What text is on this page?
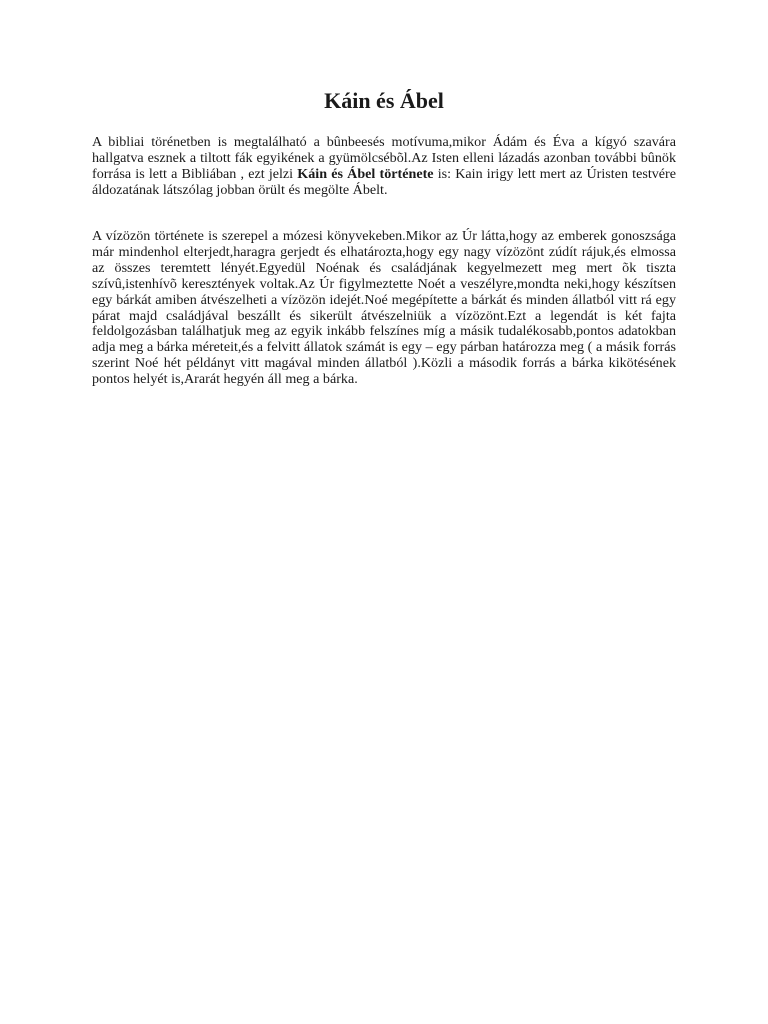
Káin és Ábel

A bibliai törénetben is megtalálható a bûnbeesés motívuma,mikor Ádám és Éva a kígyó szavára hallgatva esznek a tiltott fák egyikének a gyümölcsébõl.Az Isten elleni lázadás azonban további bûnök forrása is lett a Bibliában , ezt jelzi Káin és Ábel története is: Kain irigy lett mert az Úristen testvére áldozatának látszólag jobban örült és megölte Ábelt.

A vízözön története is szerepel a mózesi könyvekeben.Mikor az Úr látta,hogy az emberek gonoszsága már mindenhol elterjedt,haragra gerjedt és elhatározta,hogy egy nagy vízözönt zúdít rájuk,és elmossa az összes teremtett lényét.Egyedül Noénak és családjának kegyelmezett meg mert õk tiszta szívû,istenhívõ keresztények voltak.Az Úr figylmeztette Noét a veszélyre,mondta neki,hogy készítsen egy bárkát amiben átvészelheti a vízözön idejét.Noé megépítette a bárkát és minden állatból vitt rá egy párat majd családjával beszállt és sikerült átvészelniük a vízözönt.Ezt a legendát is két fajta feldolgozásban találhatjuk meg az egyik inkább felszínes míg a másik tudalékosabb,pontos adatokban adja meg a bárka méreteit,és a felvitt állatok számát is egy – egy párban határozza meg ( a másik forrás szerint Noé hét példányt vitt magával minden állatból ).Közli a második forrás a bárka kikötésének pontos helyét is,Ararát hegyén áll meg a bárka.
